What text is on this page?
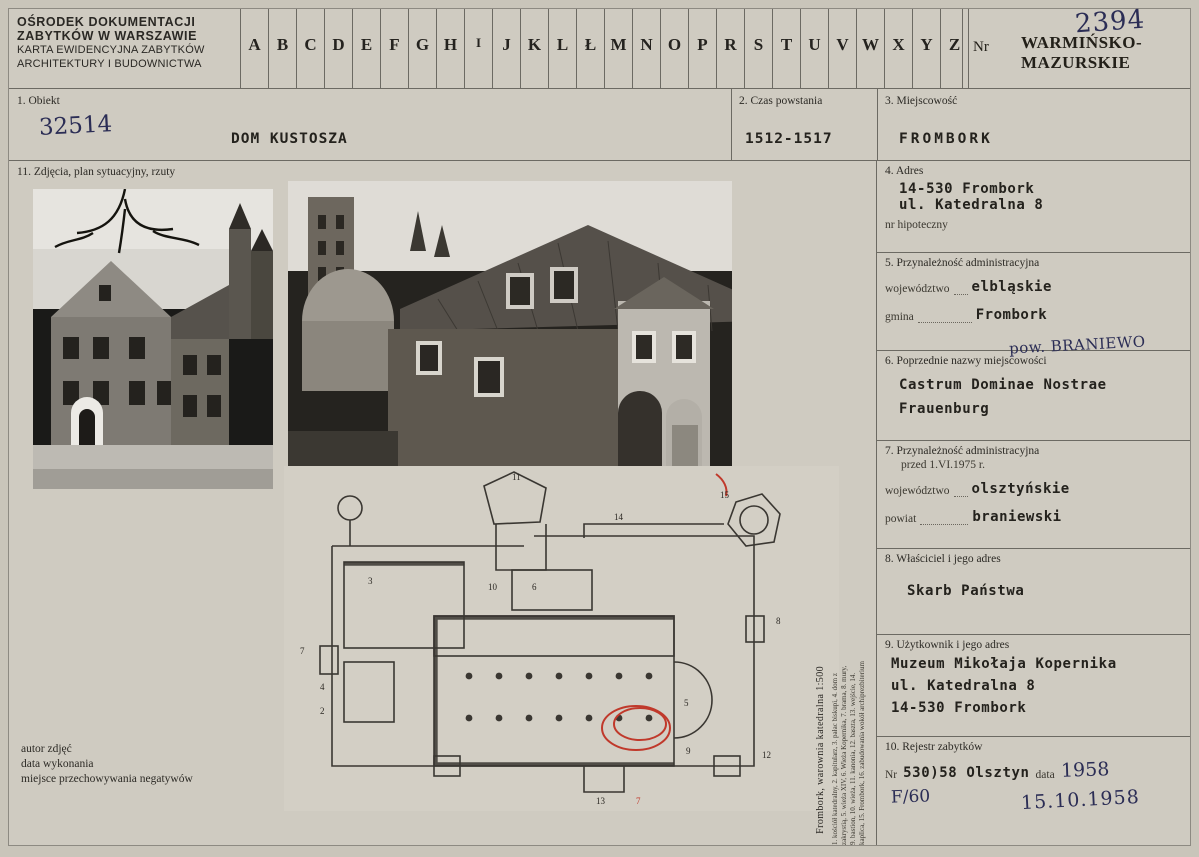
OŚRODEK DOKUMENTACJI
ZABYTKÓW W WARSZAWIE
KARTA EWIDENCYJNA ZABYTKÓW
ARCHITEKTURY I BUDOWNICTWA
A B C D E	F G H	I	J	K L Ł M N O P R	S	T U V W X Y Z Nr WARMIŃSKO-
MAZURSKIE
2394
1. Obiekt
32514	DOM KUSTOSZA
2. Czas powstania
1512-1517
3. Miejscowość
FROMBORK
11. Zdjęcia, plan sytuacyjny, rzuty
11
10	6
14
15
3
7
8
4
2
5
9	12
13	7	Frombork, warownia katedralna 1:500 1. kościół katedralny, 2. kapitularz, 3. pałac biskupi, 4. dom z zakrystią, 5. wieża XIV, 6. Wieża Kopernika, 7. brama, 8. mury, 9. bastion, 10. wieża, 11. kanonia, 12. baszta, 13. wejście, 14. kaplica, 15. Frombork, 16. zabudowania wokół archiprezbiterium
autor zdjęć
data wykonania
miejsce przechowywania negatywów
4. Adres
14-530 Frombork
ul. Katedralna 8
nr hipoteczny
5. Przynależność administracyjna
województwo elbląskie
gmina	Frombork
pow. BRANIEWO
6. Poprzednie nazwy miejscowości
Castrum Dominae Nostrae
Frauenburg
7. Przynależność administracyjna
przed 1.VI.1975 r.
województwo olsztyńskie
powiat	braniewski
8. Właściciel i jego adres
Skarb Państwa
9. Użytkownik i jego adres
Muzeum Mikołaja Kopernika
ul. Katedralna 8
14-530 Frombork
10. Rejestr zabytków
Nr 530)58 Olsztyn data 1958
F/60	15.10.1958
